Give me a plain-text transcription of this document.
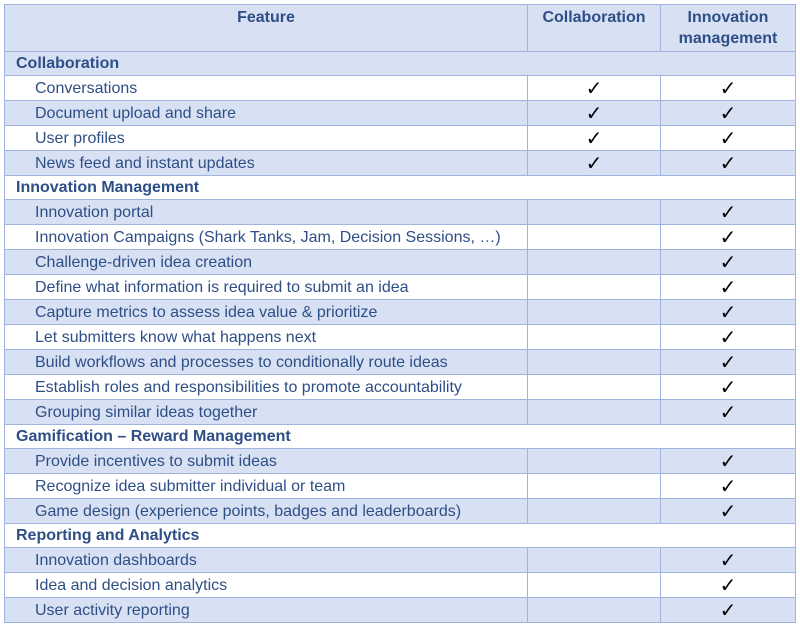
Feature	Collaboration	Innovation management
Collaboration		
Conversations	✓	✓
Document upload and share	✓	✓
User profiles	✓	✓
News feed and instant updates	✓	✓
Innovation Management		
Innovation portal		✓
Innovation Campaigns (Shark Tanks, Jam, Decision Sessions, …)		✓
Challenge-driven idea creation		✓
Define what information is required to submit an idea		✓
Capture metrics to assess idea value & prioritize		✓
Let submitters know what happens next		✓
Build workflows and processes to conditionally route ideas		✓
Establish roles and responsibilities to promote accountability		✓
Grouping similar ideas together		✓
Gamification – Reward Management		
Provide incentives to submit ideas		✓
Recognize idea submitter individual or team		✓
Game design (experience points, badges and leaderboards)		✓
Reporting and Analytics		
Innovation dashboards		✓
Idea and decision analytics		✓
User activity reporting		✓
